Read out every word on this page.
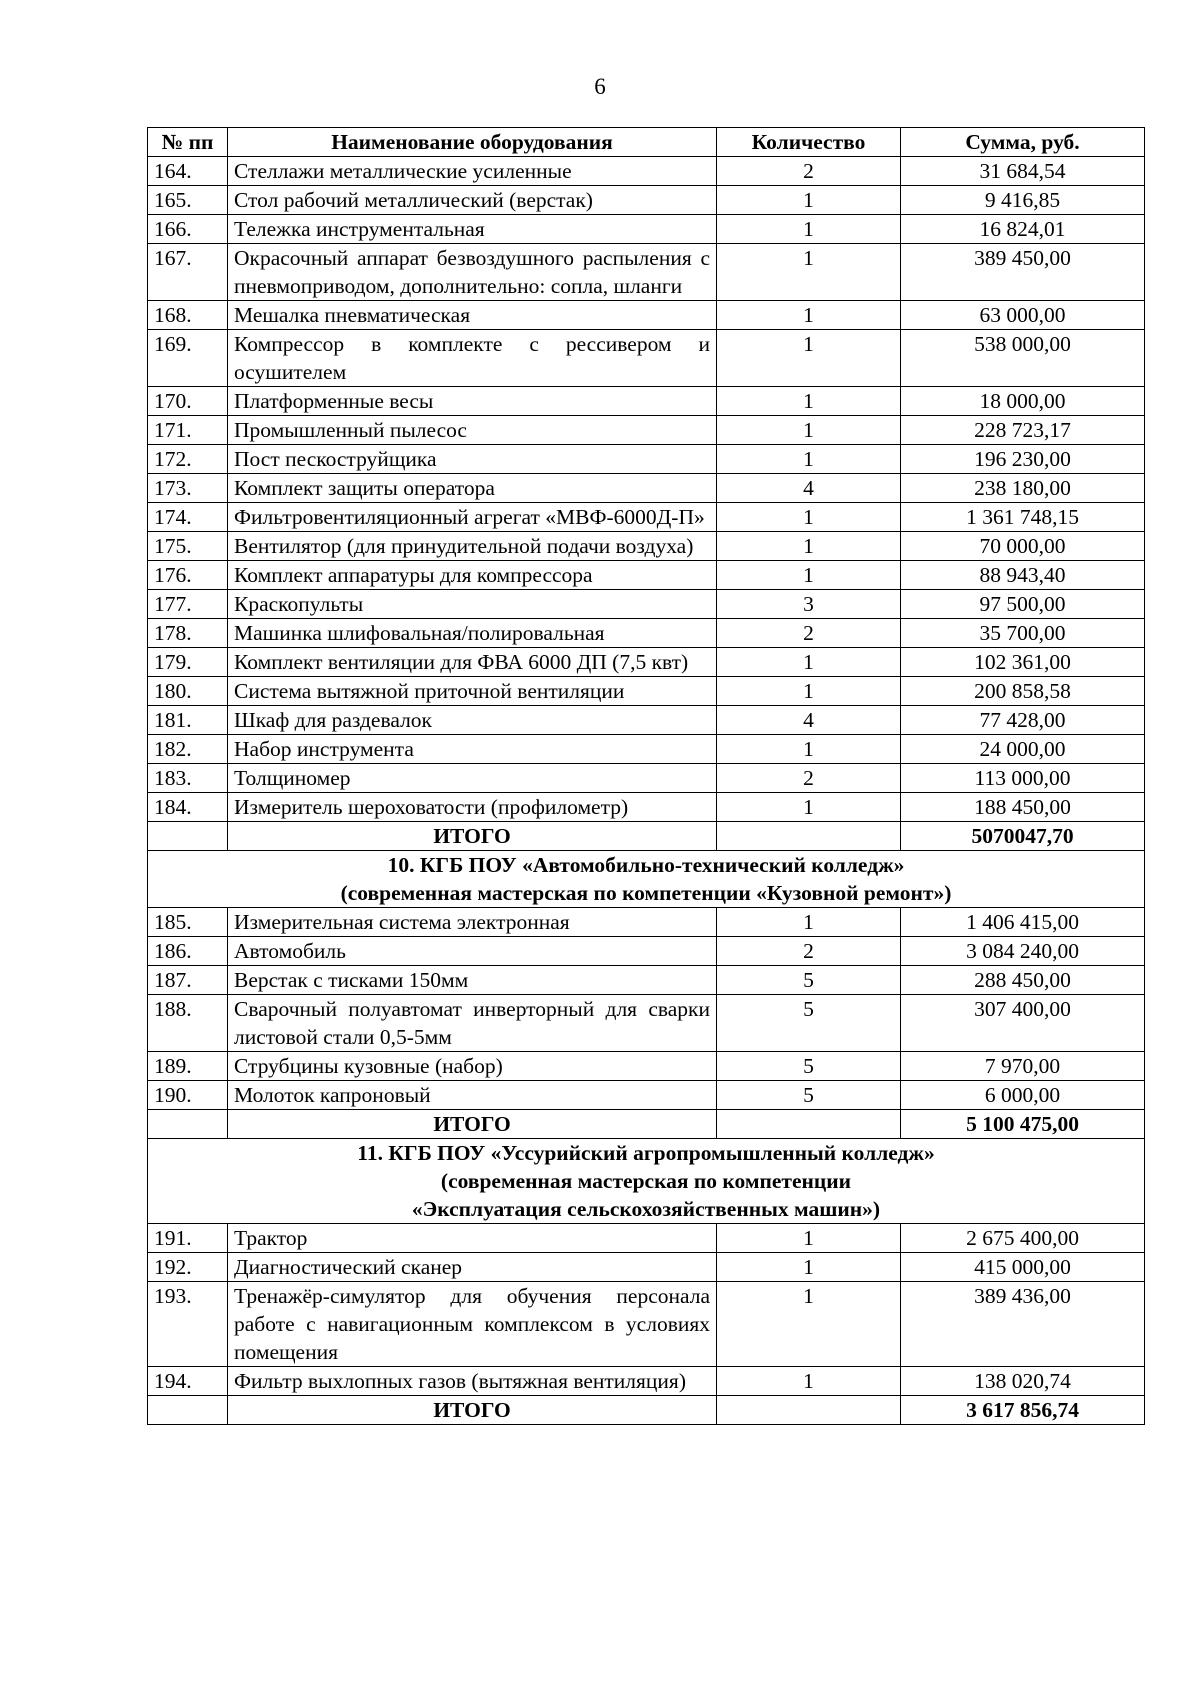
6
№ пп	Наименование оборудования	Количество	Сумма, руб.
164.	Стеллажи металлические усиленные	2	31 684,54
165.	Стол рабочий металлический (верстак)	1	9 416,85
166.	Тележка инструментальная	1	16 824,01
167.	Окрасочный аппарат безвоздушного распыления с пневмоприводом, дополнительно: сопла, шланги	1	389 450,00
168.	Мешалка пневматическая	1	63 000,00
169.	Компрессор в комплекте с рессивером и осушителем	1	538 000,00
170.	Платформенные весы	1	18 000,00
171.	Промышленный пылесос	1	228 723,17
172.	Пост пескоструйщика	1	196 230,00
173.	Комплект защиты оператора	4	238 180,00
174.	Фильтровентиляционный агрегат «МВФ-6000Д-П»	1	1 361 748,15
175.	Вентилятор (для принудительной подачи воздуха)	1	70 000,00
176.	Комплект аппаратуры для компрессора	1	88 943,40
177.	Краскопульты	3	97 500,00
178.	Машинка шлифовальная/полировальная	2	35 700,00
179.	Комплект вентиляции для ФВА 6000 ДП (7,5 квт)	1	102 361,00
180.	Система вытяжной приточной вентиляции	1	200 858,58
181.	Шкаф для раздевалок	4	77 428,00
182.	Набор инструмента	1	24 000,00
183.	Толщиномер	2	113 000,00
184.	Измеритель шероховатости (профилометр)	1	188 450,00
	ИТОГО		5070047,70

10. КГБ ПОУ «Автомобильно-технический колледж»
(современная мастерская по компетенции «Кузовной ремонт»)			

185.	Измерительная система электронная	1	1 406 415,00
186.	Автомобиль	2	3 084 240,00
187.	Верстак с тисками 150мм	5	288 450,00
188.	Сварочный полуавтомат инверторный для сварки листовой стали 0,5-5мм	5	307 400,00
189.	Струбцины кузовные (набор)	5	7 970,00
190.	Молоток капроновый	5	6 000,00
	ИТОГО		5 100 475,00

11. КГБ ПОУ «Уссурийский агропромышленный колледж»
(современная мастерская по компетенции
«Эксплуатация сельскохозяйственных машин»)			

191.	Трактор	1	2 675 400,00
192.	Диагностический сканер	1	415 000,00
193.	Тренажёр-симулятор для обучения персонала работе с навигационным комплексом в условиях помещения	1	389 436,00
194.	Фильтр выхлопных газов (вытяжная вентиляция)	1	138 020,74
	ИТОГО		3 617 856,74
